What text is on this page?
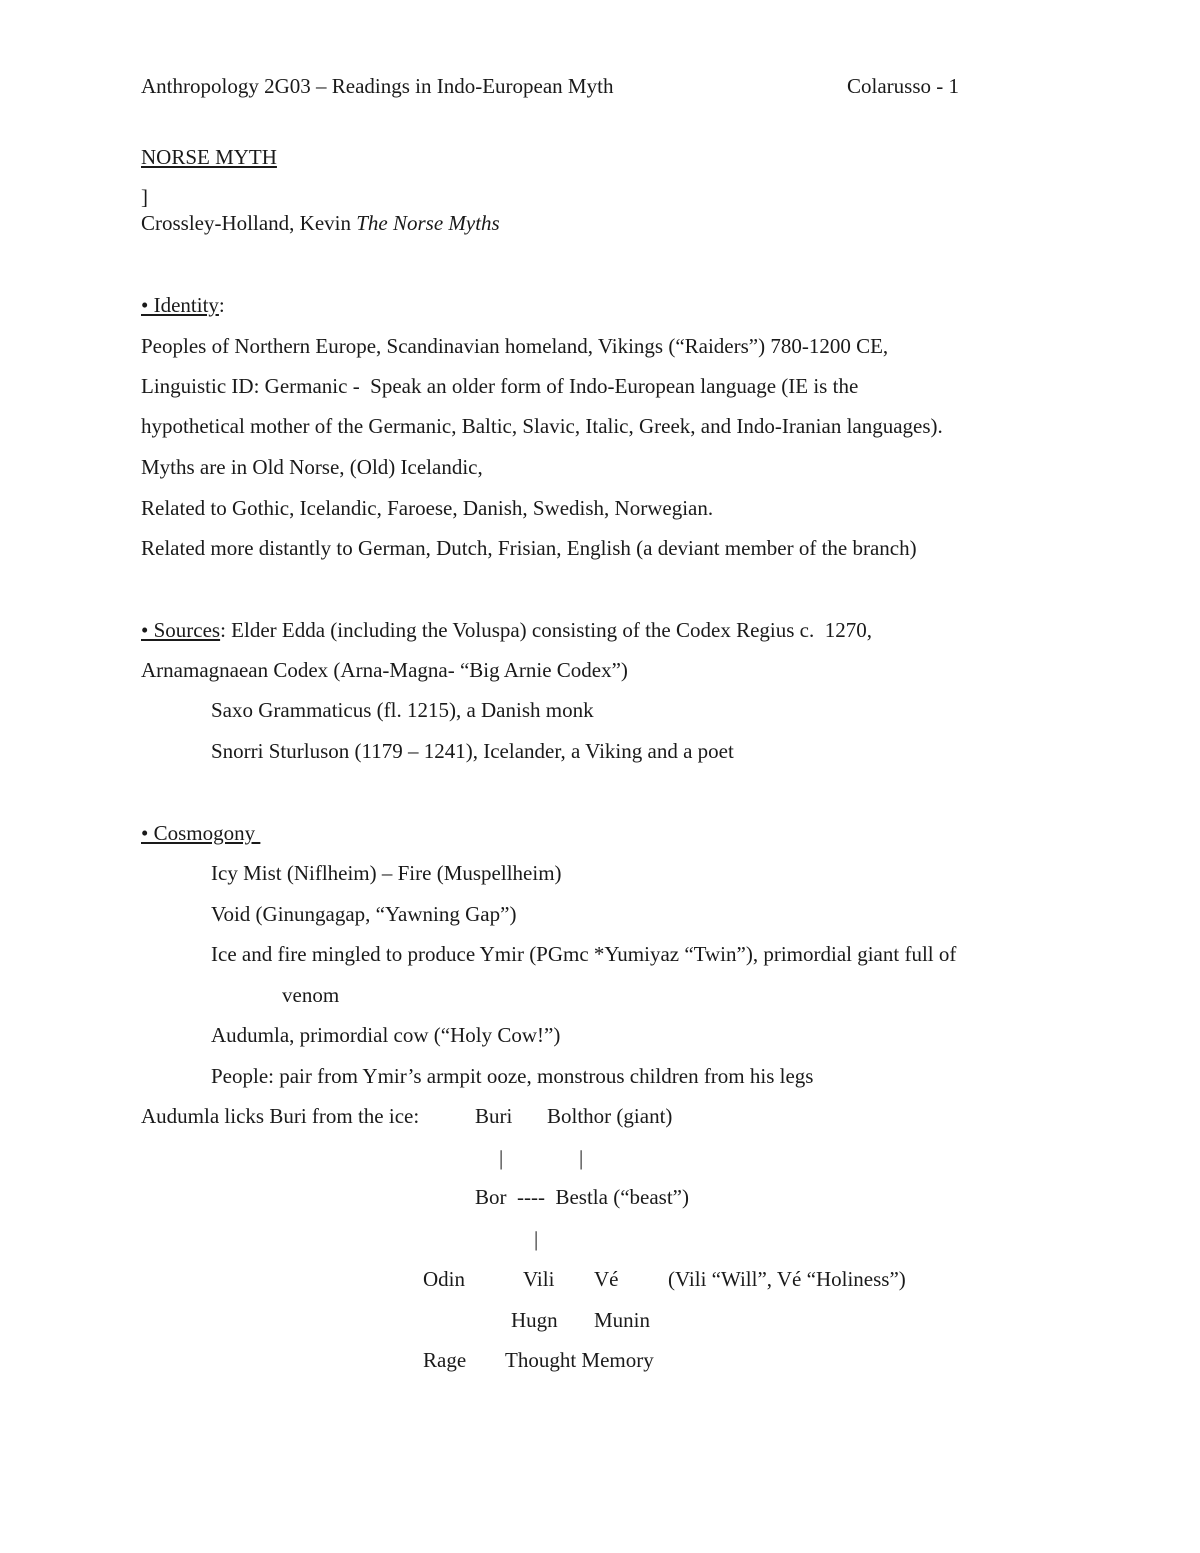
Anthropology 2G03 – Readings in Indo-European Myth	Colarusso - 1
NORSE MYTH
]
Crossley-Holland, Kevin The Norse Myths
• Identity:
Peoples of Northern Europe, Scandinavian homeland, Vikings (“Raiders”) 780-1200 CE,
Linguistic ID: Germanic -  Speak an older form of Indo-European language (IE is the
hypothetical mother of the Germanic, Baltic, Slavic, Italic, Greek, and Indo-Iranian languages).
Myths are in Old Norse, (Old) Icelandic,
Related to Gothic, Icelandic, Faroese, Danish, Swedish, Norwegian.
Related more distantly to German, Dutch, Frisian, English (a deviant member of the branch)
• Sources: Elder Edda (including the Voluspa) consisting of the Codex Regius c.  1270,
Arnamagnaean Codex (Arna-Magna- “Big Arnie Codex”)
Saxo Grammaticus (fl. 1215), a Danish monk
Snorri Sturluson (1179 – 1241), Icelander, a Viking and a poet
• Cosmogony
Icy Mist (Niflheim) – Fire (Muspellheim)
Void (Ginungagap, “Yawning Gap”)
Ice and fire mingled to produce Ymir (PGmc *Yumiyaz “Twin”), primordial giant full of
venom
Audumla, primordial cow (“Holy Cow!”)
People: pair from Ymir’s armpit ooze, monstrous children from his legs
Audumla licks Buri from the ice:	Buri Bolthor (giant)
|	|
Bor  ----  Bestla (“beast”)
|
Odin	Vili Vé (Vili “Will”, Vé “Holiness”)
Hugn Munin
Rage Thought Memory
